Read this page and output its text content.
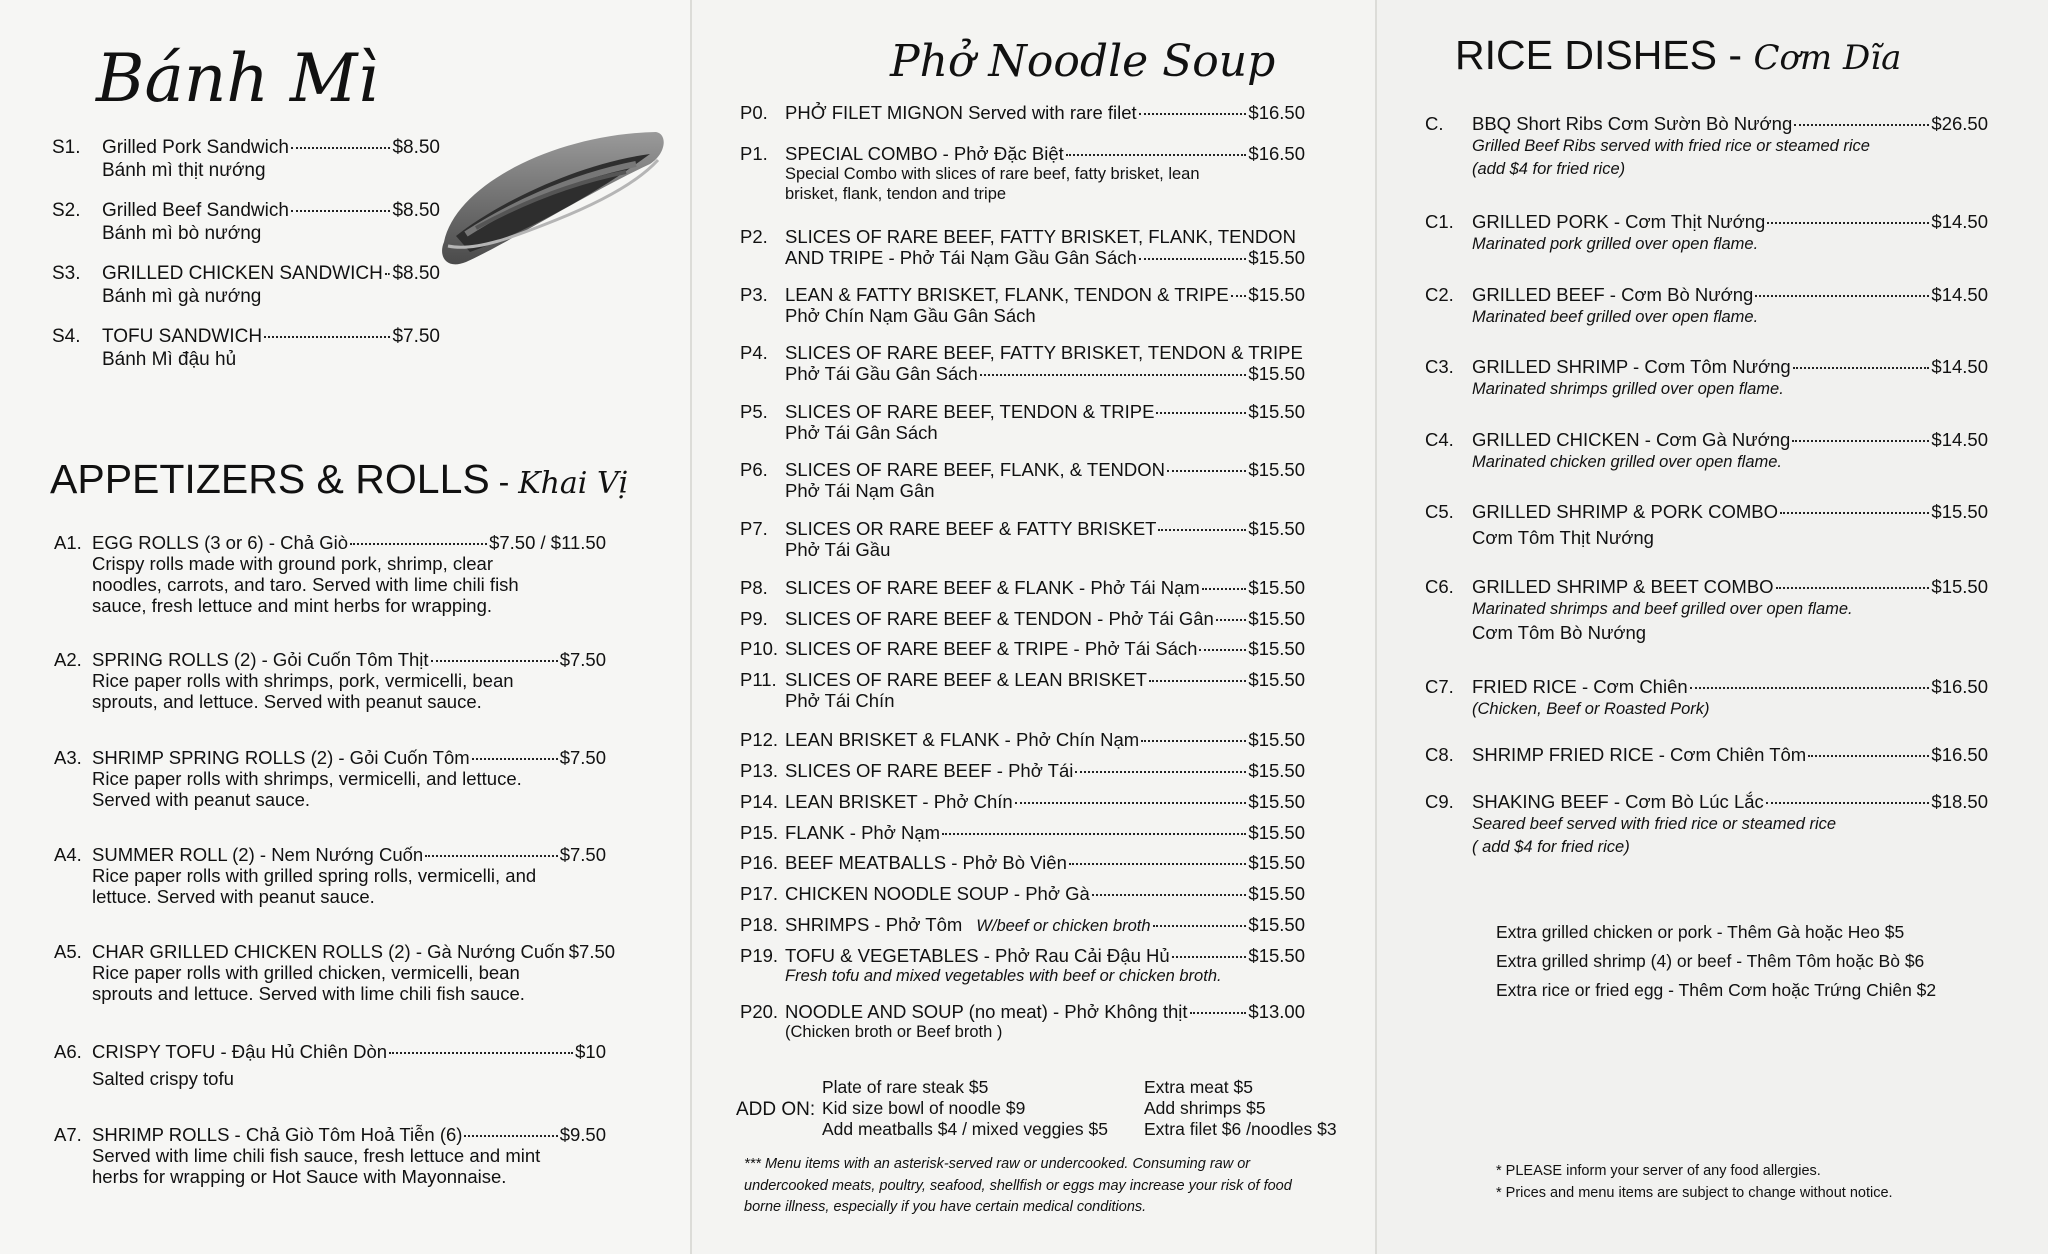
Bánh Mì
S1.	Grilled Pork Sandwich	$8.50
Bánh mì thịt nướng
S2.	Grilled Beef Sandwich	$8.50
Bánh mì bò nướng
S3.	GRILLED CHICKEN SANDWICH $8.50
Bánh mì gà nướng
S4.	TOFU SANDWICH	$7.50
Bánh Mì đậu hủ
APPETIZERS & ROLLS - Khai Vị
A1. EGG ROLLS (3 or 6) - Chả Giò	$7.50 / $11.50
Crispy rolls made with ground pork, shrimp, clear
noodles, carrots, and taro. Served with lime chili fish
sauce, fresh lettuce and mint herbs for wrapping.
A2. SPRING ROLLS (2) - Gỏi Cuốn Tôm Thịt	$7.50
Rice paper rolls with shrimps, pork, vermicelli, bean
sprouts, and lettuce. Served with peanut sauce.
A3. SHRIMP SPRING ROLLS (2) - Gỏi Cuốn Tôm	$7.50
Rice paper rolls with shrimps, vermicelli, and lettuce.
Served with peanut sauce.
A4. SUMMER ROLL (2) - Nem Nướng Cuốn	$7.50
Rice paper rolls with grilled spring rolls, vermicelli, and
lettuce. Served with peanut sauce.
A5. CHAR GRILLED CHICKEN ROLLS (2) - Gà Nướng Cuốn $7.50
Rice paper rolls with grilled chicken, vermicelli, bean
sprouts and lettuce. Served with lime chili fish sauce.
A6. CRISPY TOFU - Đậu Hủ Chiên Dòn	$10
Salted crispy tofu
A7. SHRIMP ROLLS - Chả Giò Tôm Hoả Tiễn (6)	$9.50
Served with lime chili fish sauce, fresh lettuce and mint
herbs for wrapping or Hot Sauce with Mayonnaise.
Phở Noodle Soup
P0. PHỞ FILET MIGNON Served with rare filet	$16.50
P1. SPECIAL COMBO - Phở Đặc Biệt	$16.50
Special Combo with slices of rare beef, fatty brisket, lean
brisket, flank, tendon and tripe
P2. SLICES OF RARE BEEF, FATTY BRISKET, FLANK, TENDON
AND TRIPE - Phở Tái Nạm Gầu Gân Sách	$15.50
P3. LEAN & FATTY BRISKET, FLANK, TENDON & TRIPE $15.50
Phở Chín Nạm Gầu Gân Sách
P4. SLICES OF RARE BEEF, FATTY BRISKET, TENDON & TRIPE
Phở Tái Gầu Gân Sách	$15.50
P5. SLICES OF RARE BEEF, TENDON & TRIPE	$15.50
Phở Tái Gân Sách
P6. SLICES OF RARE BEEF, FLANK, & TENDON	$15.50
Phở Tái Nạm Gân
P7. SLICES OR RARE BEEF & FATTY BRISKET	$15.50
Phở Tái Gầu
P8. SLICES OF RARE BEEF & FLANK - Phở Tái Nạm	$15.50
P9. SLICES OF RARE BEEF & TENDON - Phở Tái Gân $15.50
P10. SLICES OF RARE BEEF & TRIPE - Phở Tái Sách	$15.50
P11. SLICES OF RARE BEEF & LEAN BRISKET	$15.50
Phở Tái Chín
P12. LEAN BRISKET & FLANK - Phở Chín Nạm	$15.50
P13. SLICES OF RARE BEEF - Phở Tái	$15.50
P14. LEAN BRISKET - Phở Chín	$15.50
P15. FLANK - Phở Nạm	$15.50
P16. BEEF MEATBALLS - Phở Bò Viên	$15.50
P17. CHICKEN NOODLE SOUP - Phở Gà	$15.50
P18. SHRIMPS - Phở Tôm W/beef or chicken broth	$15.50
P19. TOFU & VEGETABLES - Phở Rau Cải Đậu Hủ	$15.50
Fresh tofu and mixed vegetables with beef or chicken broth.
P20. NOODLE AND SOUP (no meat) - Phở Không thịt	$13.00
(Chicken broth or Beef broth )
ADD ON:
Plate of rare steak $5
Kid size bowl of noodle $9
Add meatballs $4 / mixed veggies $5
Extra meat $5
Add shrimps $5
Extra filet $6 /noodles $3
*** Menu items with an asterisk-served raw or undercooked. Consuming raw or
undercooked meats, poultry, seafood, shellfish or eggs may increase your risk of food
borne illness, especially if you have certain medical conditions.
RICE DISHES - Cơm Dĩa
C.	BBQ Short Ribs Cơm Sườn Bò Nướng	$26.50
Grilled Beef Ribs served with fried rice or steamed rice
(add $4 for fried rice)
C1. GRILLED PORK - Cơm Thịt Nướng	$14.50
Marinated pork grilled over open flame.
C2. GRILLED BEEF - Cơm Bò Nướng	$14.50
Marinated beef grilled over open flame.
C3. GRILLED SHRIMP - Cơm Tôm Nướng	$14.50
Marinated shrimps grilled over open flame.
C4. GRILLED CHICKEN - Cơm Gà Nướng	$14.50
Marinated chicken grilled over open flame.
C5. GRILLED SHRIMP & PORK COMBO	$15.50
Cơm Tôm Thịt Nướng
C6. GRILLED SHRIMP & BEET COMBO	$15.50
Marinated shrimps and beef grilled over open flame.
Cơm Tôm Bò Nướng
C7. FRIED RICE - Cơm Chiên	$16.50
(Chicken, Beef or Roasted Pork)
C8. SHRIMP FRIED RICE - Cơm Chiên Tôm	$16.50
C9. SHAKING BEEF - Cơm Bò Lúc Lắc	$18.50
Seared beef served with fried rice or steamed rice
( add $4 for fried rice)
Extra grilled chicken or pork - Thêm Gà hoặc Heo $5
Extra grilled shrimp (4) or beef - Thêm Tôm hoặc Bò $6
Extra rice or fried egg - Thêm Cơm hoặc Trứng Chiên $2
* PLEASE inform your server of any food allergies.
* Prices and menu items are subject to change without notice.
